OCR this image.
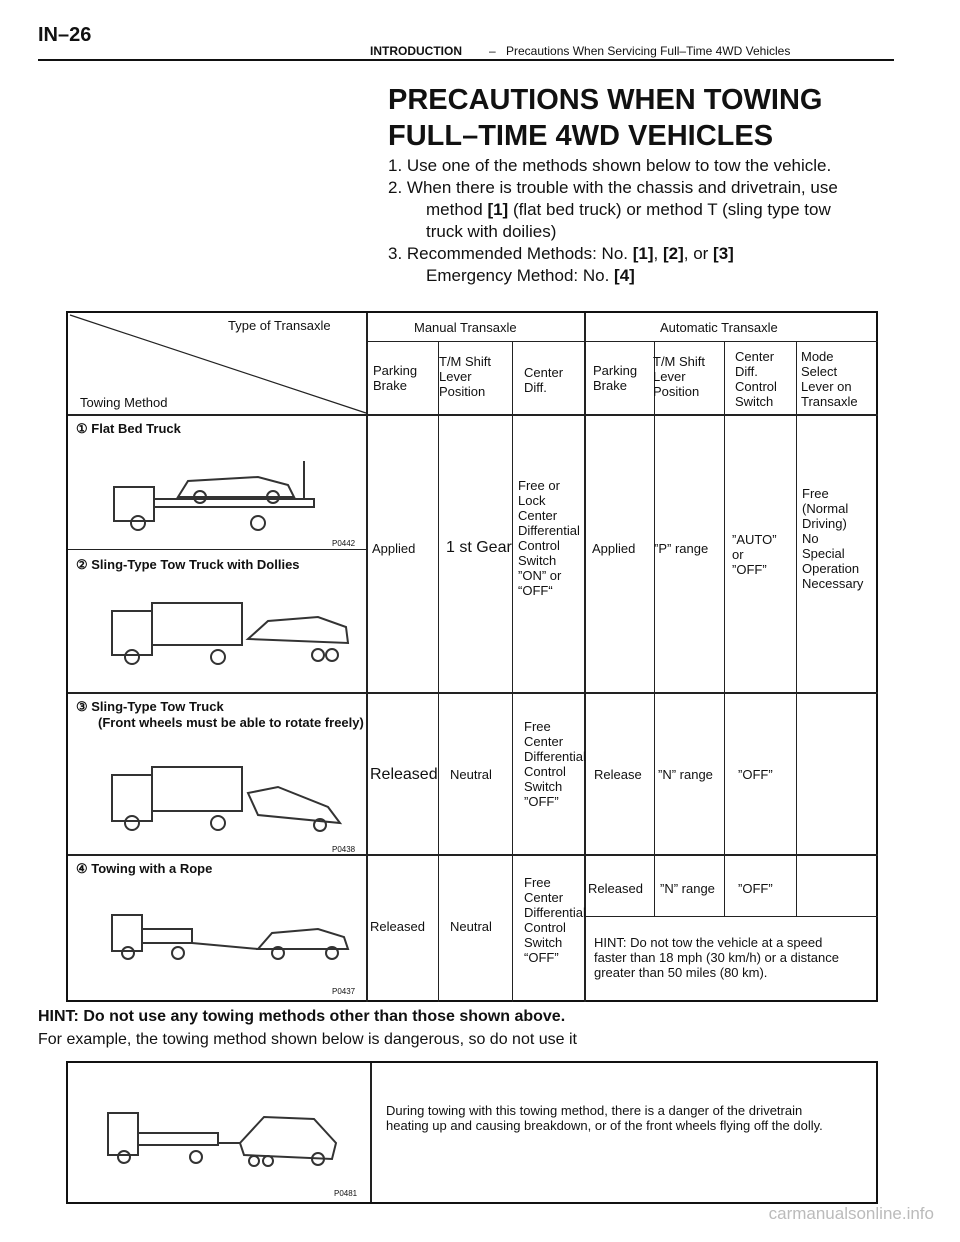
IN–26
INTRODUCTION – Precautions When Servicing Full–Time 4WD Vehicles
PRECAUTIONS WHEN TOWING
FULL–TIME 4WD VEHICLES
1. Use one of the methods shown below to tow the vehicle.
2. When there is trouble with the chassis and drivetrain, use
method [1] (flat bed truck) or method T (sling type tow
truck with doilies)
3. Recommended Methods: No. [1], [2], or [3]
Emergency Method: No. [4]
Type of Transaxle
Towing Method
Manual Transaxle	Automatic Transaxle
Parking
Brake
T/M Shift
Lever
Position
Center
Diff.
Parking
Brake
T/M Shift
Lever
Position
Center
Diff.
Control
Switch
Mode
Select
Lever on
Transaxle
① Flat Bed Truck
P0442
② Sling-Type Tow Truck with Dollies
③ Sling-Type Tow Truck
(Front wheels must be able to rotate freely)
P0438
④ Towing with a Rope
P0437
Applied 1 st Gear
Free or
Lock
Center
Differential
Control
Switch
”ON” or
“OFF“
Applied ”P” range
”AUTO”
or
”OFF”
Free
(Normal
Driving)
No
Special
Operation
Necessary
Released Neutral
Free
Center
Differential
Control
Switch
”OFF”
Release ”N” range ”OFF”
Released Neutral
Free
Center
Differential
Control
Switch
“OFF”
Released ”N” range ”OFF”
HINT: Do not tow the vehicle at a speed
faster than 18 mph (30 km/h) or a distance
greater than 50 miles (80 km).
HINT: Do not use any towing methods other than those shown above.
For example, the towing method shown below is dangerous, so do not use it
P0481
During towing with this towing method, there is a danger of the drivetrain
heating up and causing breakdown, or of the front wheels flying off the dolly.
carmanualsonline.info
